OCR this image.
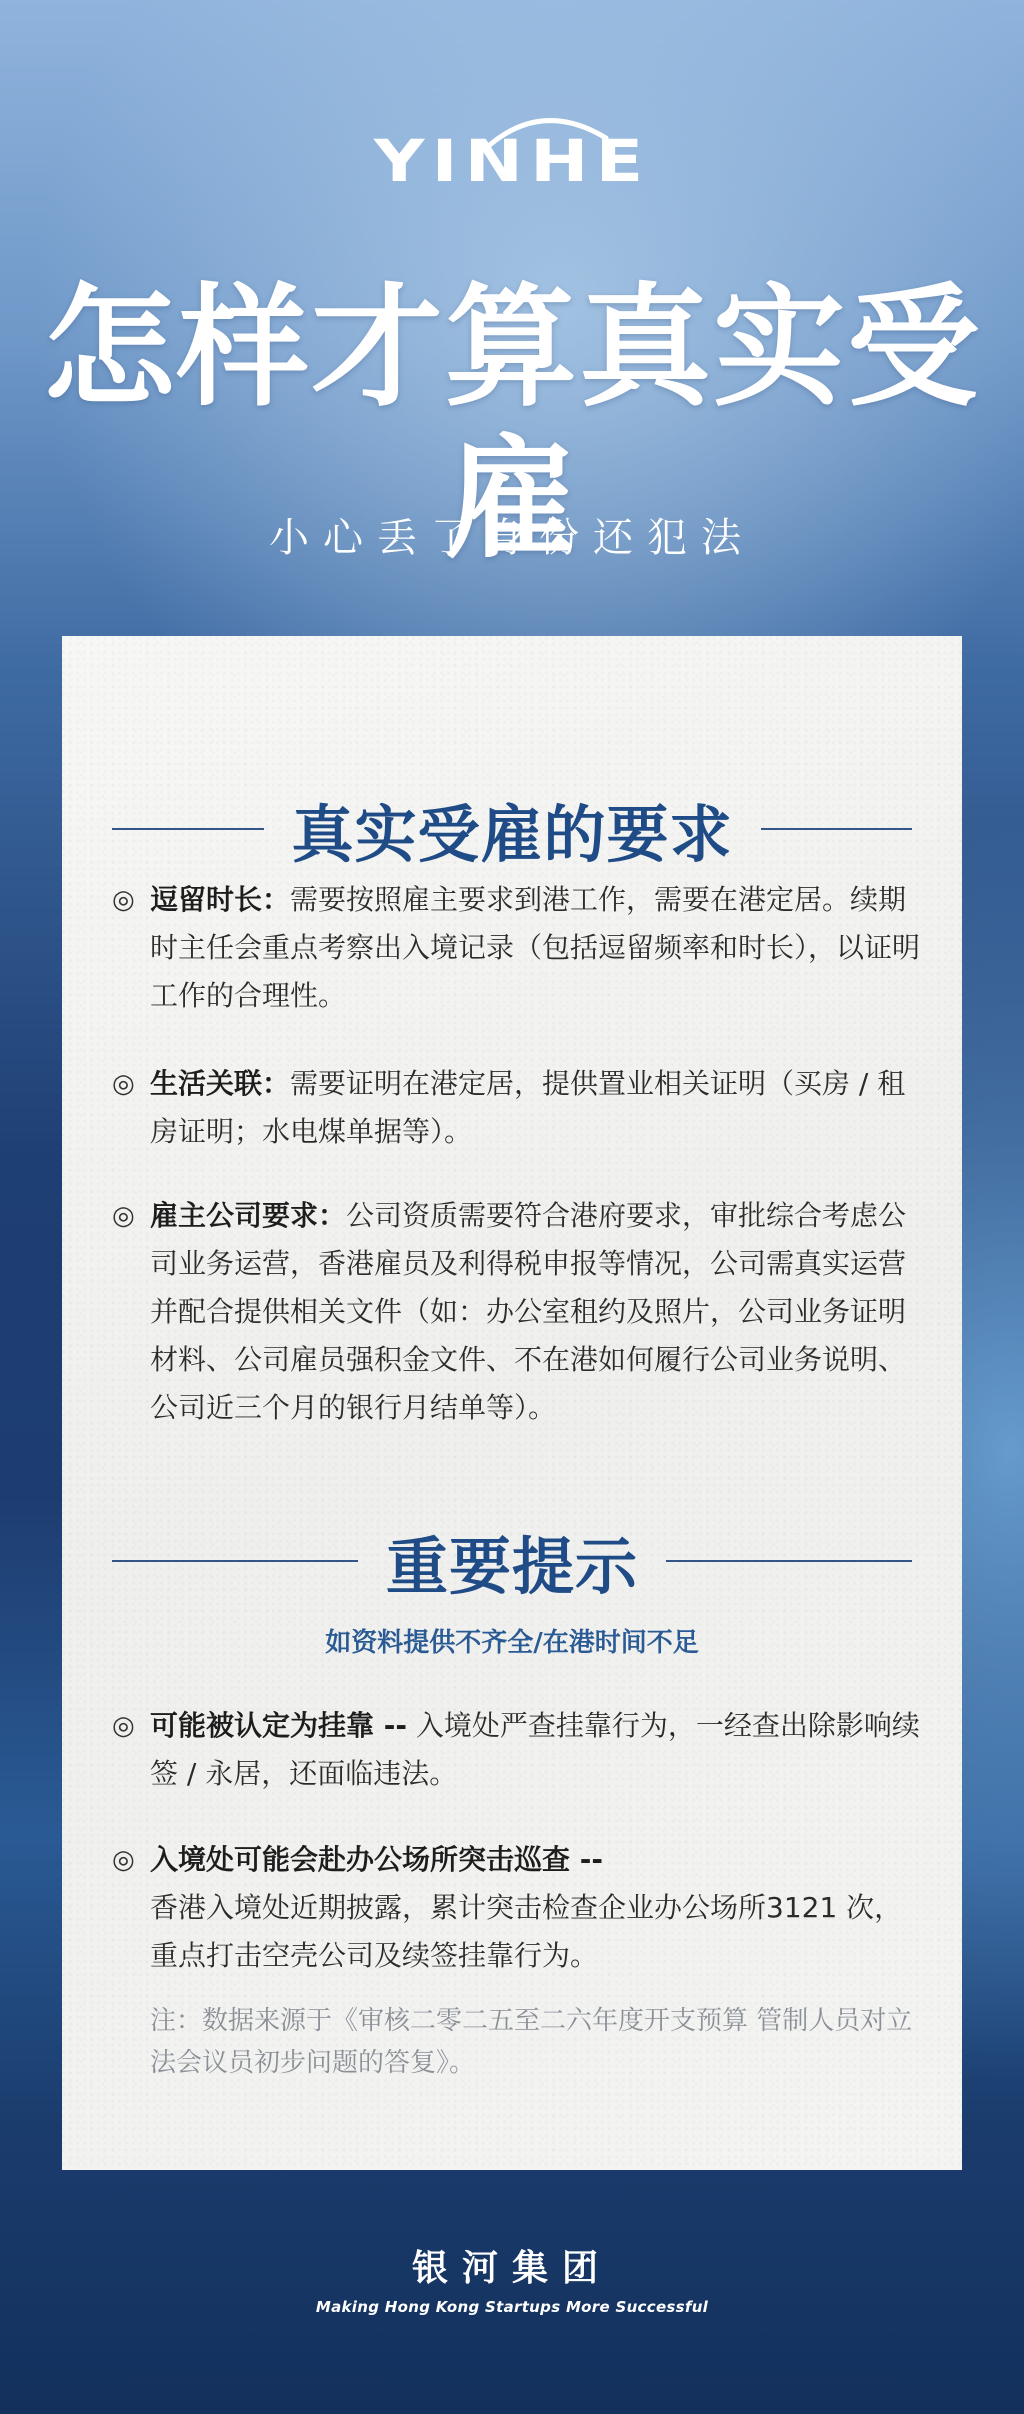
YINHE
怎样才算真实受雇
小心丢了身份还犯法
真实受雇的要求
◎ 逗留时长：需要按照雇主要求到港工作，需要在港定居。续期时主任会重点考察出入境记录（包括逗留频率和时长），以证明工作的合理性。
◎ 生活关联：需要证明在港定居，提供置业相关证明（买房 / 租房证明；水电煤单据等）。
◎ 雇主公司要求：公司资质需要符合港府要求，审批综合考虑公司业务运营，香港雇员及利得税申报等情况，公司需真实运营并配合提供相关文件（如：办公室租约及照片，公司业务证明材料、公司雇员强积金文件、不在港如何履行公司业务说明、公司近三个月的银行月结单等）。
重要提示
如资料提供不齐全/在港时间不足
◎ 可能被认定为挂靠 -- 入境处严查挂靠行为，一经查出除影响续签 / 永居，还面临违法。
◎ 入境处可能会赴办公场所突击巡查 --
香港入境处近期披露，累计突击检查企业办公场所3121 次，重点打击空壳公司及续签挂靠行为。
注：数据来源于《审核二零二五至二六年度开支预算 管制人员对立法会议员初步问题的答复》。
银河集团
Making Hong Kong Startups More Successful
